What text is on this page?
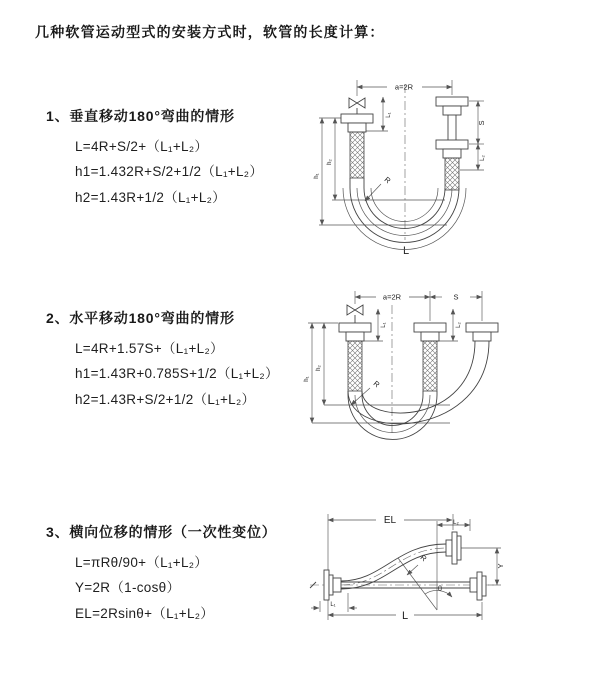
几种软管运动型式的安装方式时，软管的长度计算：
1、垂直移动180°弯曲的情形
L=4R+S/2+（L₁+L₂）
h1=1.432R+S/2+1/2（L₁+L₂）
h2=1.43R+1/2（L₁+L₂）
2、水平移动180°弯曲的情形
L=4R+1.57S+（L₁+L₂）
h1=1.43R+0.785S+1/2（L₁+L₂）
h2=1.43R+S/2+1/2（L₁+L₂）
3、横向位移的情形（一次性变位）
L=πRθ/90+（L₁+L₂）
Y=2R（1-cosθ）
EL=2Rsinθ+（L₁+L₂）
a=2R
L₁
h₂
h₁
S
L₂
R
L
a=2R	S
L₁	L₂
h₂
h₁	R
EL	L₂
Y
L
L₁
θ
R
